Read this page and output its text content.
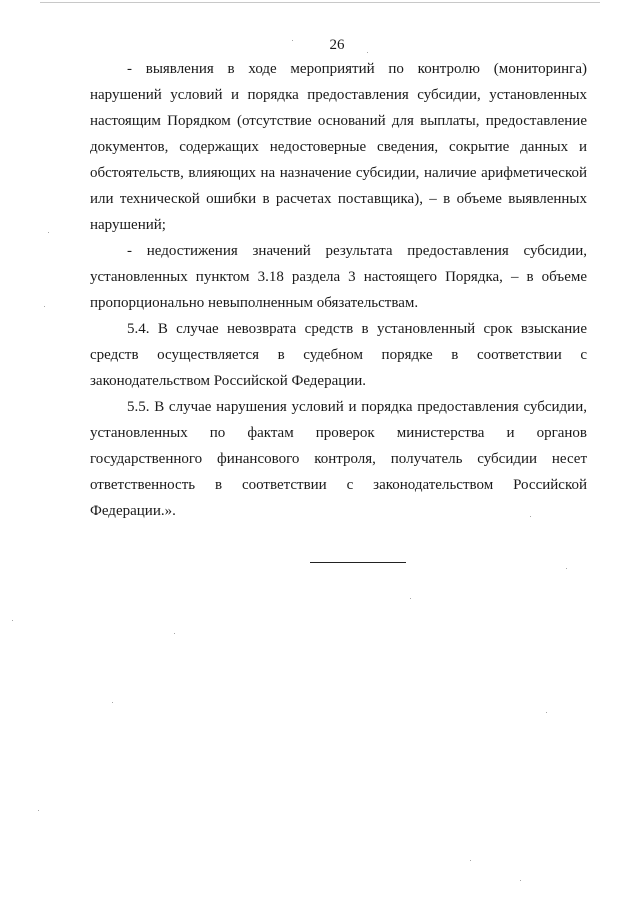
26

- выявления в ходе мероприятий по контролю (мониторинга) нарушений условий и порядка предоставления субсидии, установленных настоящим Порядком (отсутствие оснований для выплаты, предоставление документов, содержащих недостоверные сведения, сокрытие данных и обстоятельств, влияющих на назначение субсидии, наличие арифметической или технической ошибки в расчетах поставщика), – в объеме выявленных нарушений;

- недостижения значений результата предоставления субсидии, установленных пунктом 3.18 раздела 3 настоящего Порядка, – в объеме пропорционально невыполненным обязательствам.

5.4. В случае невозврата средств в установленный срок взыскание средств осуществляется в судебном порядке в соответствии с законодательством Российской Федерации.

5.5. В случае нарушения условий и порядка предоставления субсидии, установленных по фактам проверок министерства и органов государственного финансового контроля, получатель субсидии несет ответственность в соответствии с законодательством Российской Федерации.».
